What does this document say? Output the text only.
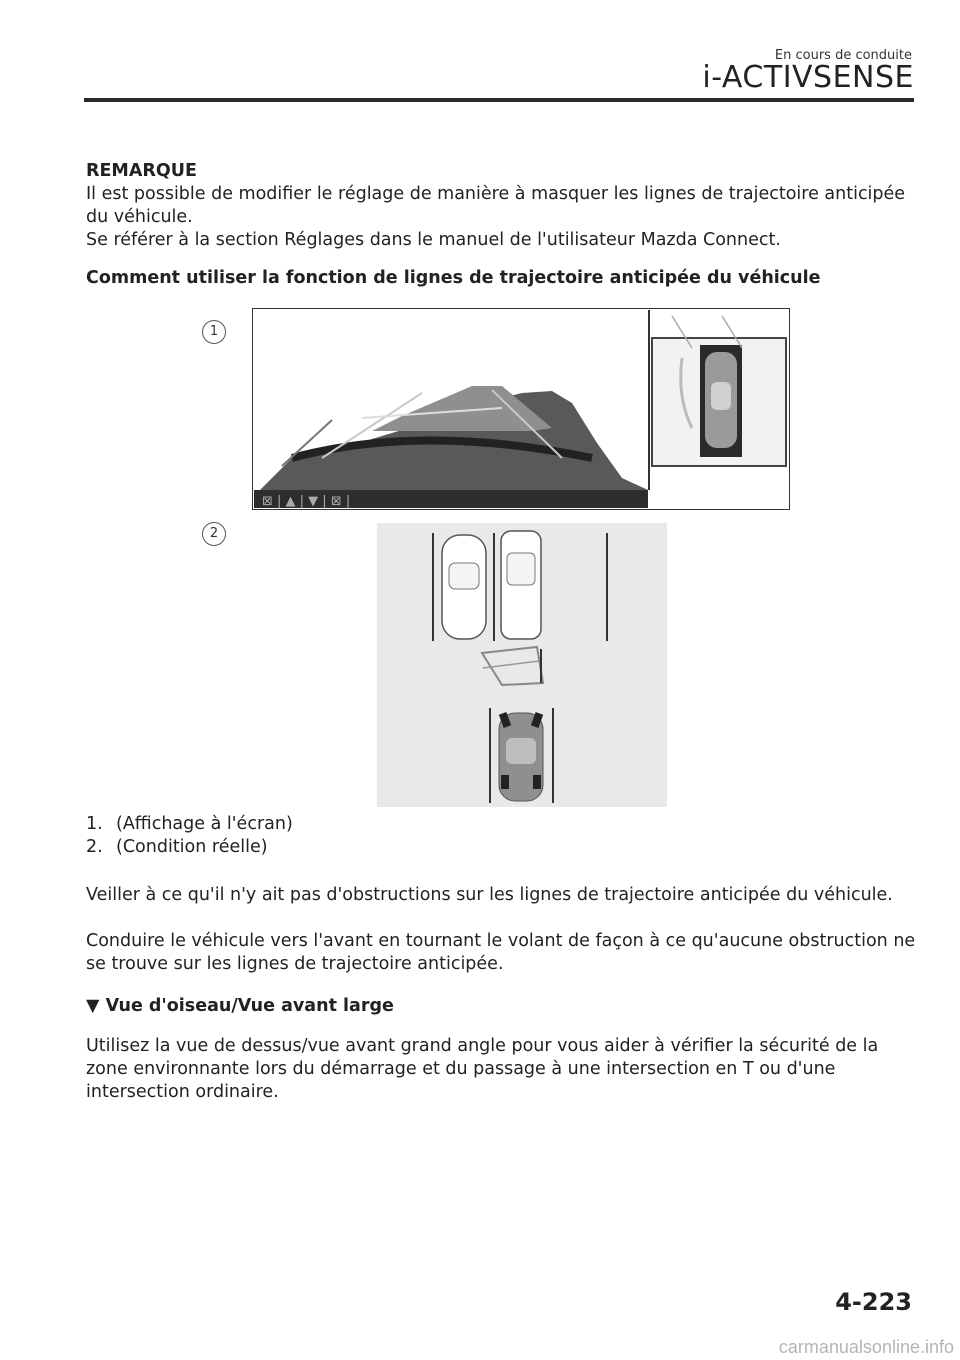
En cours de conduite
i-ACTIVSENSE
REMARQUE
Il est possible de modifier le réglage de manière à masquer les lignes de trajectoire anticipée du véhicule.
Se référer à la section Réglages dans le manuel de l'utilisateur Mazda Connect.
Comment utiliser la fonction de lignes de trajectoire anticipée du véhicule
1
⊠ | ▲ | ▼ | ⊠ |
2
1. (Affichage à l'écran)
2. (Condition réelle)
Veiller à ce qu'il n'y ait pas d'obstructions sur les lignes de trajectoire anticipée du véhicule.
Conduire le véhicule vers l'avant en tournant le volant de façon à ce qu'aucune obstruction ne se trouve sur les lignes de trajectoire anticipée.
▼ Vue d'oiseau/Vue avant large
Utilisez la vue de dessus/vue avant grand angle pour vous aider à vérifier la sécurité de la zone environnante lors du démarrage et du passage à une intersection en T ou d'une intersection ordinaire.
4-223
carmanualsonline.info
